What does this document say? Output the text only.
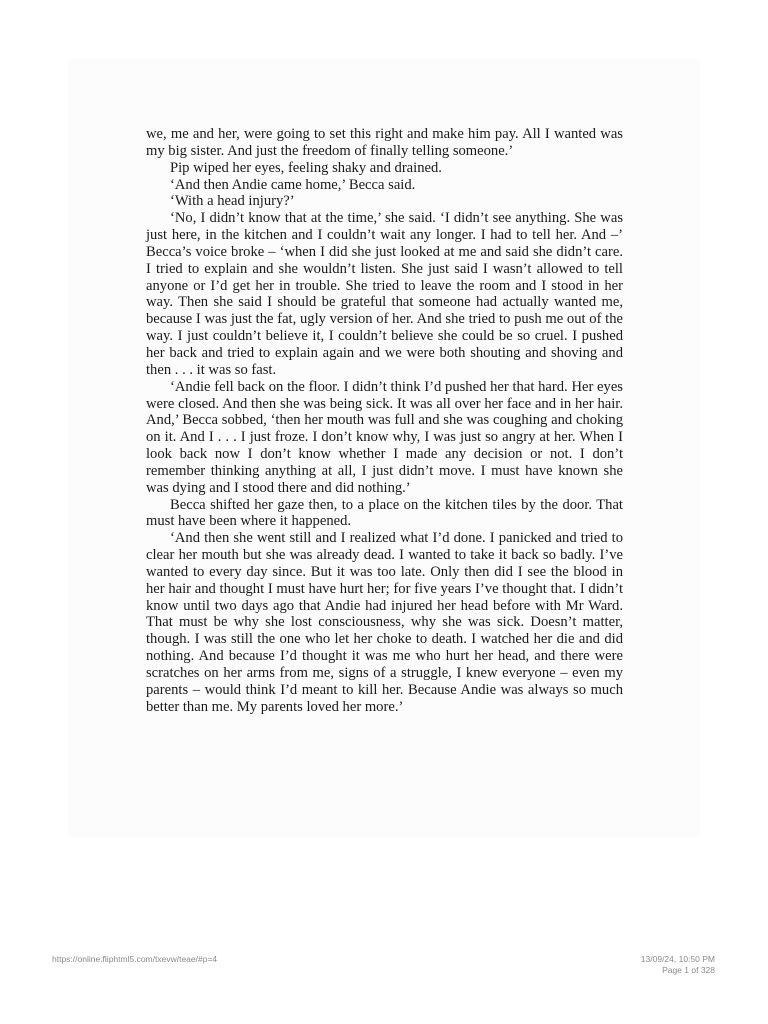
we, me and her, were going to set this right and make him pay. All I wanted was my big sister. And just the freedom of finally telling someone.’

Pip wiped her eyes, feeling shaky and drained.

‘And then Andie came home,’ Becca said.

‘With a head injury?’

‘No, I didn’t know that at the time,’ she said. ‘I didn’t see anything. She was just here, in the kitchen and I couldn’t wait any longer. I had to tell her. And –’ Becca’s voice broke – ‘when I did she just looked at me and said she didn’t care. I tried to explain and she wouldn’t listen. She just said I wasn’t allowed to tell anyone or I’d get her in trouble. She tried to leave the room and I stood in her way. Then she said I should be grateful that someone had actually wanted me, because I was just the fat, ugly version of her. And she tried to push me out of the way. I just couldn’t believe it, I couldn’t believe she could be so cruel. I pushed her back and tried to explain again and we were both shouting and shoving and then . . . it was so fast.

‘Andie fell back on the floor. I didn’t think I’d pushed her that hard. Her eyes were closed. And then she was being sick. It was all over her face and in her hair. And,’ Becca sobbed, ‘then her mouth was full and she was coughing and choking on it. And I . . . I just froze. I don’t know why, I was just so angry at her. When I look back now I don’t know whether I made any decision or not. I don’t remember thinking anything at all, I just didn’t move. I must have known she was dying and I stood there and did nothing.’

Becca shifted her gaze then, to a place on the kitchen tiles by the door. That must have been where it happened.

‘And then she went still and I realized what I’d done. I panicked and tried to clear her mouth but she was already dead. I wanted to take it back so badly. I’ve wanted to every day since. But it was too late. Only then did I see the blood in her hair and thought I must have hurt her; for five years I’ve thought that. I didn’t know until two days ago that Andie had injured her head before with Mr Ward. That must be why she lost consciousness, why she was sick. Doesn’t matter, though. I was still the one who let her choke to death. I watched her die and did nothing. And because I’d thought it was me who hurt her head, and there were scratches on her arms from me, signs of a struggle, I knew everyone – even my parents – would think I’d meant to kill her. Because Andie was always so much better than me. My parents loved her more.’

https://online.fliphtml5.com/txevw/teae/#p=4	13/09/24, 10:50 PM
Page 1 of 328
